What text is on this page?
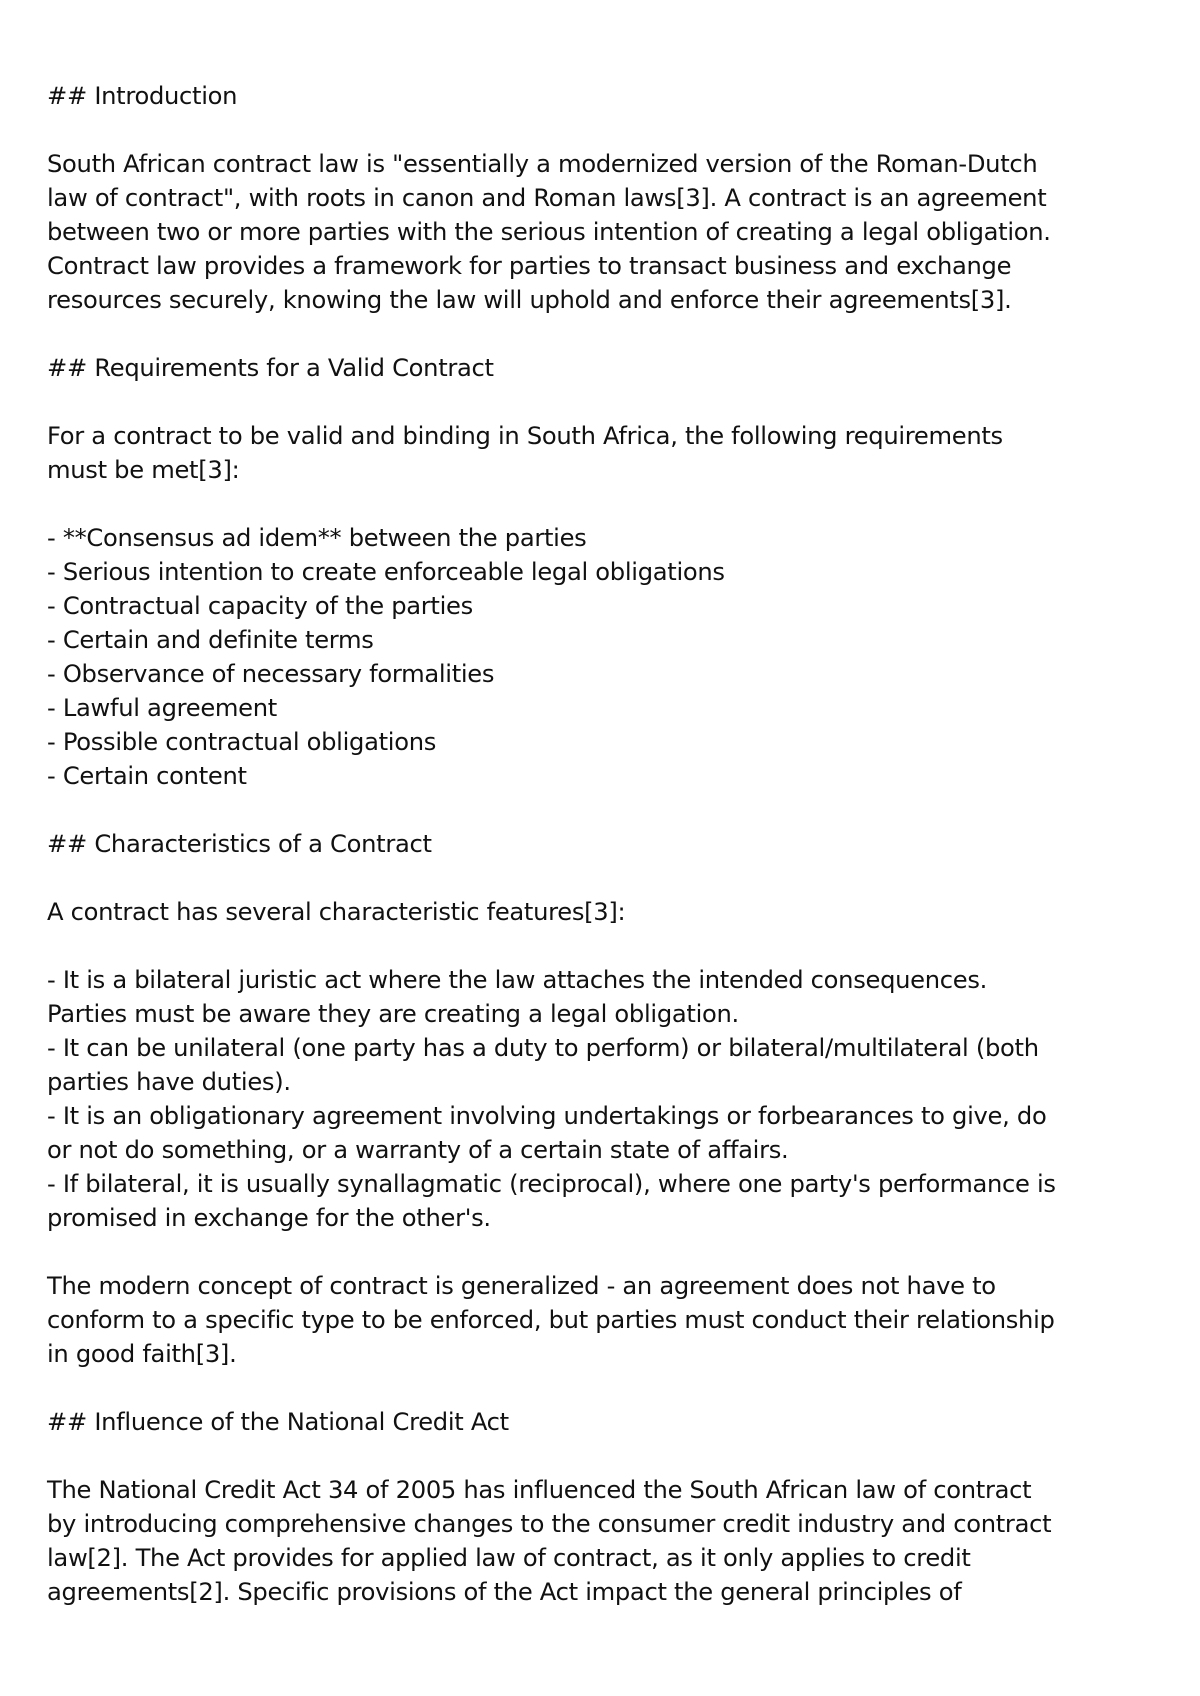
## Introduction
South African contract law is "essentially a modernized version of the Roman-Dutch
law of contract", with roots in canon and Roman laws[3]. A contract is an agreement
between two or more parties with the serious intention of creating a legal obligation.
Contract law provides a framework for parties to transact business and exchange
resources securely, knowing the law will uphold and enforce their agreements[3].
## Requirements for a Valid Contract
For a contract to be valid and binding in South Africa, the following requirements
must be met[3]:
- **Consensus ad idem** between the parties
- Serious intention to create enforceable legal obligations
- Contractual capacity of the parties
- Certain and definite terms
- Observance of necessary formalities
- Lawful agreement
- Possible contractual obligations
- Certain content
## Characteristics of a Contract
A contract has several characteristic features[3]:
- It is a bilateral juristic act where the law attaches the intended consequences.
Parties must be aware they are creating a legal obligation.
- It can be unilateral (one party has a duty to perform) or bilateral/multilateral (both
parties have duties).
- It is an obligationary agreement involving undertakings or forbearances to give, do
or not do something, or a warranty of a certain state of affairs.
- If bilateral, it is usually synallagmatic (reciprocal), where one party's performance is
promised in exchange for the other's.
The modern concept of contract is generalized - an agreement does not have to
conform to a specific type to be enforced, but parties must conduct their relationship
in good faith[3].
## Influence of the National Credit Act
The National Credit Act 34 of 2005 has influenced the South African law of contract
by introducing comprehensive changes to the consumer credit industry and contract
law[2]. The Act provides for applied law of contract, as it only applies to credit
agreements[2]. Specific provisions of the Act impact the general principles of
